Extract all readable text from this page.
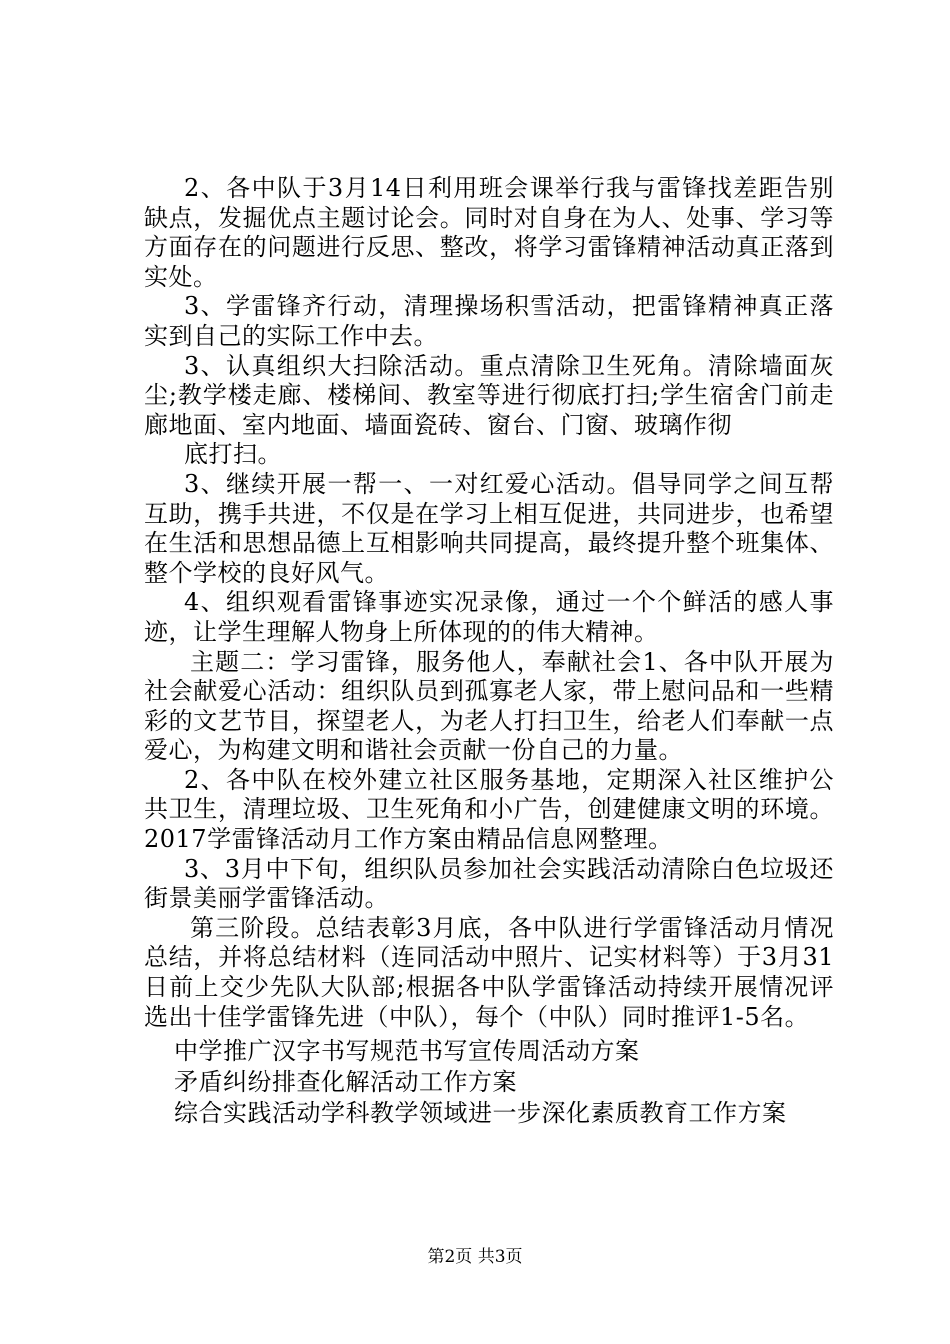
2、各中队于3月14日利用班会课举行我与雷锋找差距告别缺点，发掘优点主题讨论会。同时对自身在为人、处事、学习等方面存在的问题进行反思、整改，将学习雷锋精神活动真正落到实处。

3、学雷锋齐行动，清理操场积雪活动，把雷锋精神真正落实到自己的实际工作中去。

3、认真组织大扫除活动。重点清除卫生死角。清除墙面灰尘;教学楼走廊、楼梯间、教室等进行彻底打扫;学生宿舍门前走廊地面、室内地面、墙面瓷砖、窗台、门窗、玻璃作彻

底打扫。

3、继续开展一帮一、一对红爱心活动。倡导同学之间互帮互助，携手共进，不仅是在学习上相互促进，共同进步，也希望在生活和思想品德上互相影响共同提高，最终提升整个班集体、整个学校的良好风气。

4、组织观看雷锋事迹实况录像，通过一个个鲜活的感人事迹，让学生理解人物身上所体现的的伟大精神。

主题二：学习雷锋，服务他人，奉献社会1、各中队开展为社会献爱心活动：组织队员到孤寡老人家，带上慰问品和一些精彩的文艺节目，探望老人，为老人打扫卫生，给老人们奉献一点爱心，为构建文明和谐社会贡献一份自己的力量。

2、各中队在校外建立社区服务基地，定期深入社区维护公共卫生，清理垃圾、卫生死角和小广告，创建健康文明的环境。2017学雷锋活动月工作方案由精品信息网整理。

3、3月中下旬，组织队员参加社会实践活动清除白色垃圾还街景美丽学雷锋活动。

第三阶段。总结表彰3月底，各中队进行学雷锋活动月情况总结，并将总结材料（连同活动中照片、记实材料等）于3月31日前上交少先队大队部;根据各中队学雷锋活动持续开展情况评选出十佳学雷锋先进（中队），每个（中队）同时推评1-5名。

中学推广汉字书写规范书写宣传周活动方案
矛盾纠纷排查化解活动工作方案
综合实践活动学科教学领域进一步深化素质教育工作方案
第2页 共3页
